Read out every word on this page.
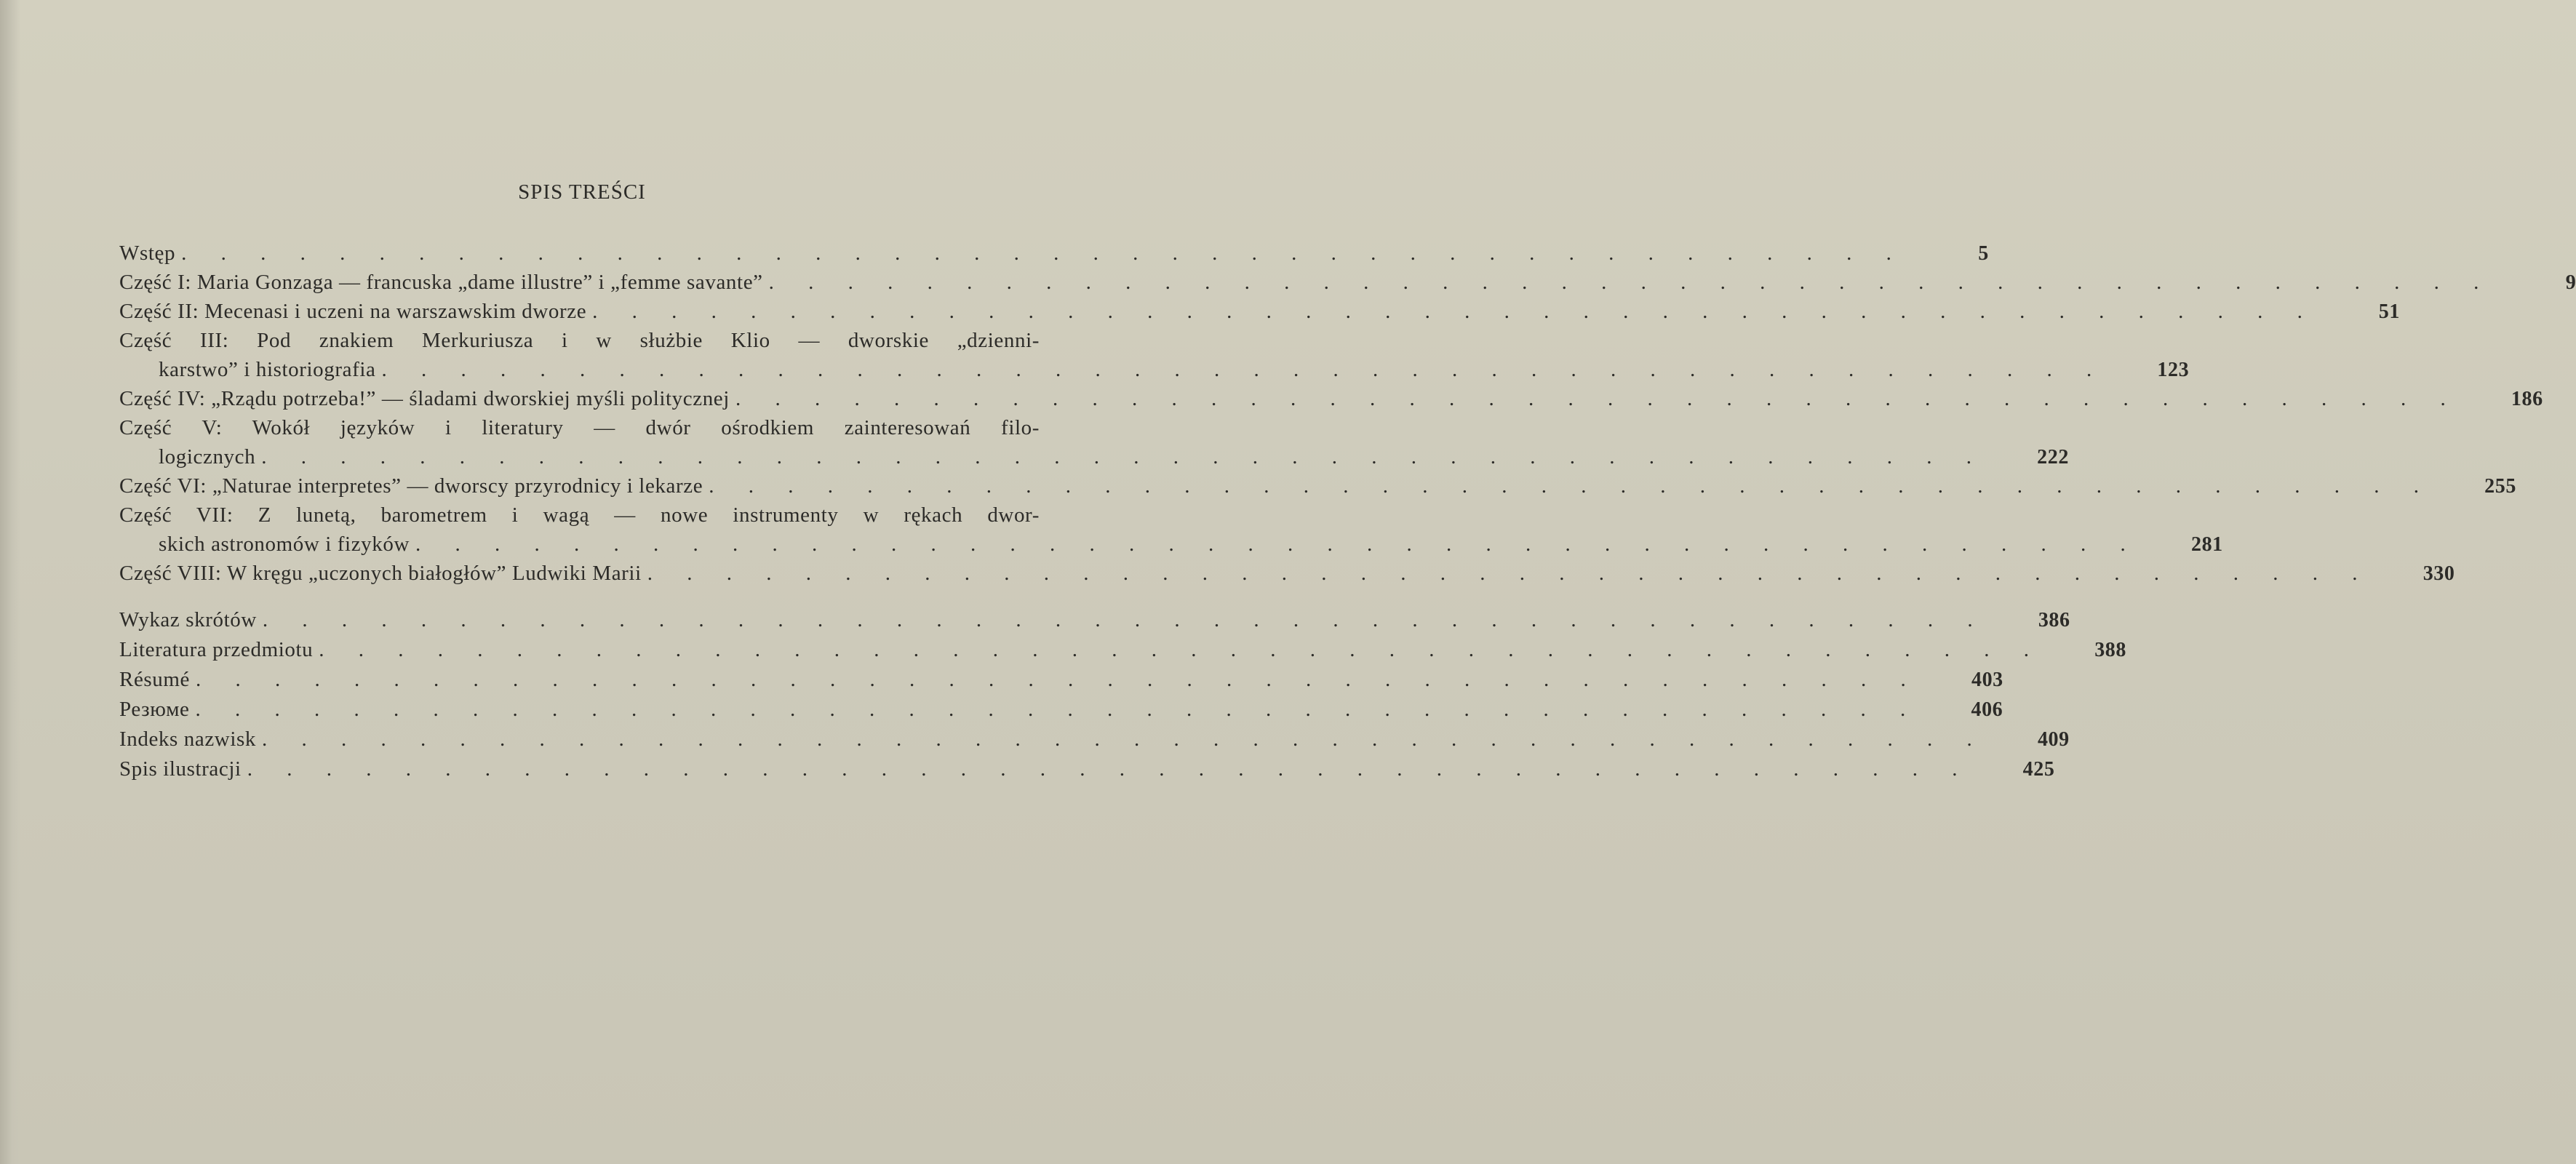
SPIS TREŚCI
Wstęp . . . . . . . . . . . . . . . . . . . . . . . . . . . . . . . . . . . . . . . . . . . .	5
Część I: Maria Gonzaga — francuska „dame illustre” i „femme savante” . . . . . . . . . . . . . . . . . . . . . . . . . . . . . . . . . . . . . . . . . . . .	9
Część II: Mecenasi i uczeni na warszawskim dworze . . . . . . . . . . . . . . . . . . . . . . . . . . . . . . . . . . . . . . . . . . . .	51
Część III: Pod znakiem Merkuriusza i w służbie Klio — dworskie „dzienni-
karstwo” i historiografia . . . . . . . . . . . . . . . . . . . . . . . . . . . . . . . . . . . . . . . . . . . .	123
Część IV: „Rządu potrzeba!” — śladami dworskiej myśli politycznej . . . . . . . . . . . . . . . . . . . . . . . . . . . . . . . . . . . . . . . . . . . .	186
Część V: Wokół języków i literatury — dwór ośrodkiem zainteresowań filo-
logicznych . . . . . . . . . . . . . . . . . . . . . . . . . . . . . . . . . . . . . . . . . . . .	222
Część VI: „Naturae interpretes” — dworscy przyrodnicy i lekarze . . . . . . . . . . . . . . . . . . . . . . . . . . . . . . . . . . . . . . . . . . . .	255
Część VII: Z lunetą, barometrem i wagą — nowe instrumenty w rękach dwor-
skich astronomów i fizyków . . . . . . . . . . . . . . . . . . . . . . . . . . . . . . . . . . . . . . . . . . . .	281
Część VIII: W kręgu „uczonych białogłów” Ludwiki Marii . . . . . . . . . . . . . . . . . . . . . . . . . . . . . . . . . . . . . . . . . . . .	330
Wykaz skrótów . . . . . . . . . . . . . . . . . . . . . . . . . . . . . . . . . . . . . . . . . . . .	386
Literatura przedmiotu . . . . . . . . . . . . . . . . . . . . . . . . . . . . . . . . . . . . . . . . . . . .	388
Résumé . . . . . . . . . . . . . . . . . . . . . . . . . . . . . . . . . . . . . . . . . . . .	403
Резюме . . . . . . . . . . . . . . . . . . . . . . . . . . . . . . . . . . . . . . . . . . . .	406
Indeks nazwisk . . . . . . . . . . . . . . . . . . . . . . . . . . . . . . . . . . . . . . . . . . . .	409
Spis ilustracji . . . . . . . . . . . . . . . . . . . . . . . . . . . . . . . . . . . . . . . . . . . .	425
